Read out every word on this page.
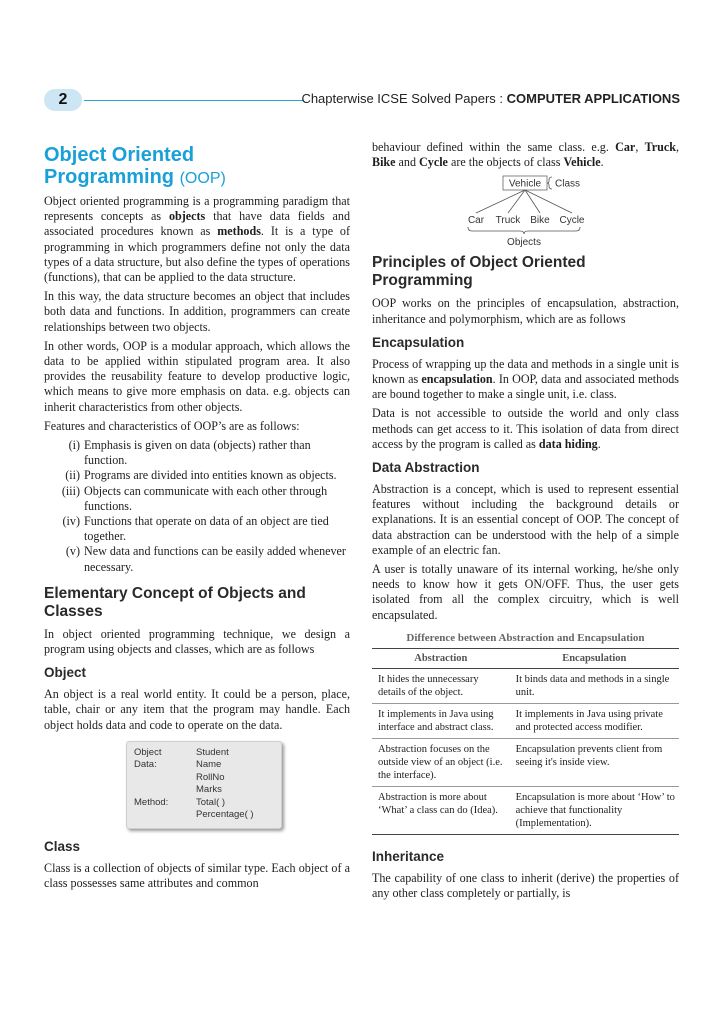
2	Chapterwise ICSE Solved Papers : COMPUTER APPLICATIONS
Object Oriented
Programming (OOP)

Object oriented programming is a programming paradigm that represents concepts as objects that have data fields and associated procedures known as methods. It is a type of programming in which programmers define not only the data types of a data structure, but also define the types of operations (functions), that can be applied to the data structure.

In this way, the data structure becomes an object that includes both data and functions. In addition, programmers can create relationships between two objects.

In other words, OOP is a modular approach, which allows the data to be applied within stipulated program area. It also provides the reusability feature to develop productive logic, which means to give more emphasis on data. e.g. objects can inherit characteristics from other objects.

Features and characteristics of OOP’s are as follows:

(i) Emphasis is given on data (objects) rather than function.
(ii) Programs are divided into entities known as objects.
(iii) Objects can communicate with each other through functions.
(iv) Functions that operate on data of an object are tied together.
(v) New data and functions can be easily added whenever necessary.
Elementary Concept of Objects and Classes

In object oriented programming technique, we design a program using objects and classes, which are as follows

Object

An object is a real world entity. It could be a person, place, table, chair or any item that the program may handle. Each object holds data and code to operate on the data.

Object	Student
Data:	Name
RollNo
Marks
Method:	Total( )
Percentage( )
Class

Class is a collection of objects of similar type. Each object of a class possesses same attributes and common

behaviour defined within the same class. e.g. Car, Truck, Bike and Cycle are the objects of class Vehicle.

Vehicle Class
Car Truck Bike Cycle
Objects
Principles of Object Oriented Programming

OOP works on the principles of encapsulation, abstraction, inheritance and polymorphism, which are as follows

Encapsulation

Process of wrapping up the data and methods in a single unit is known as encapsulation. In OOP, data and associated methods are bound together to make a single unit, i.e. class.

Data is not accessible to outside the world and only class methods can get access to it. This isolation of data from direct access by the program is called as data hiding.

Data Abstraction

Abstraction is a concept, which is used to represent essential features without including the background details or explanations. It is an essential concept of OOP. The concept of data abstraction can be understood with the help of a simple example of an electric fan.

A user is totally unaware of its internal working, he/she only needs to know how it gets ON/OFF. Thus, the user gets isolated from all the complex circuitry, which is well encapsulated.

Difference between Abstraction and Encapsulation
Abstraction	Encapsulation
It hides the unnecessary details of the object.	It binds data and methods in a single unit.
It implements in Java using interface and abstract class.	It implements in Java using private and protected access modifier.
Abstraction focuses on the outside view of an object (i.e. the interface).	Encapsulation prevents client from seeing it's inside view.
Abstraction is more about ‘What’ a class can do (Idea).	Encapsulation is more about ‘How’ to achieve that functionality (Implementation).
Inheritance

The capability of one class to inherit (derive) the properties of any other class completely or partially, is
